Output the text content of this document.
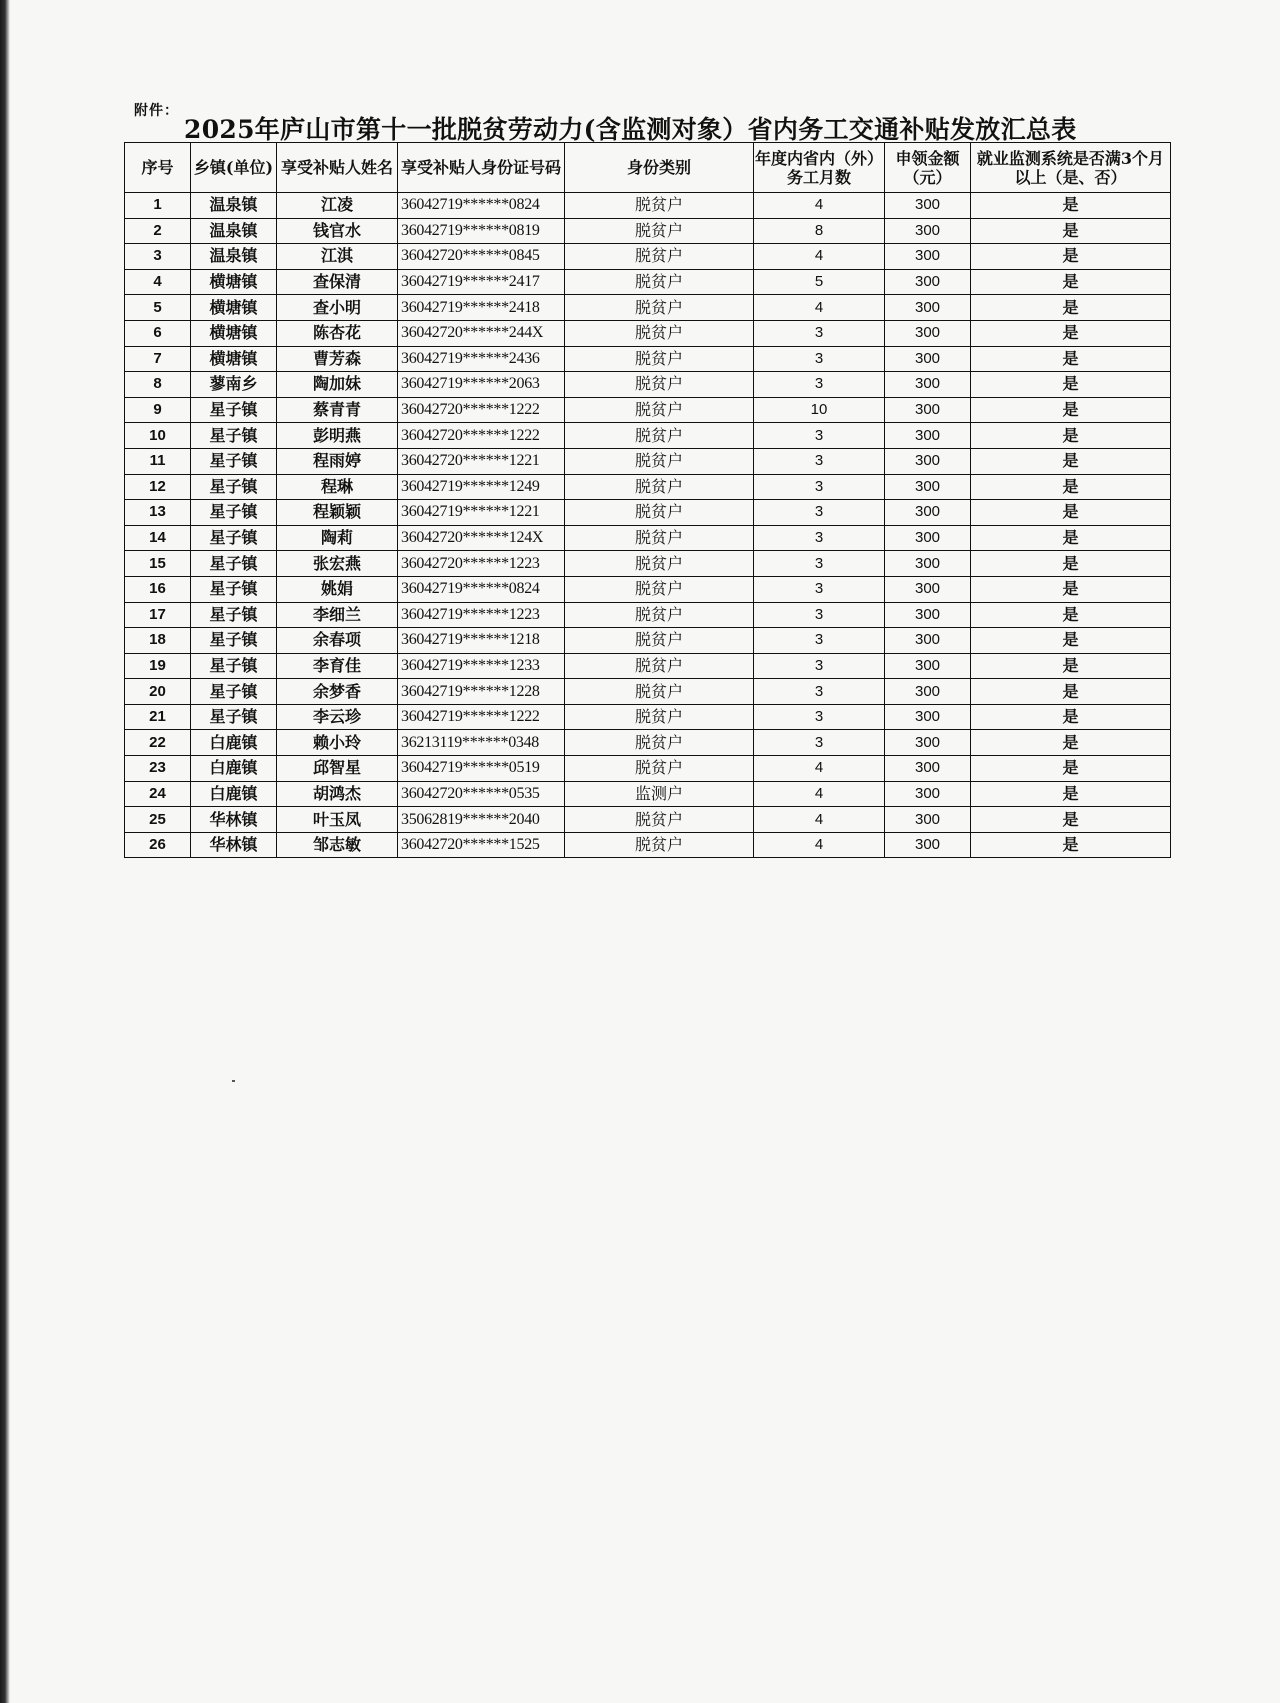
附件：
2025年庐山市第十一批脱贫劳动力(含监测对象）省内务工交通补贴发放汇总表
序号	乡镇(单位)	享受补贴人姓名	享受补贴人身份证号码	身份类别	年度内省内（外）务工月数	申领金额（元）	就业监测系统是否满3个月以上（是、否）
1	温泉镇	江凌	36042719******0824	脱贫户	4	300	是
2	温泉镇	钱官水	36042719******0819	脱贫户	8	300	是
3	温泉镇	江淇	36042720******0845	脱贫户	4	300	是
4	横塘镇	查保清	36042719******2417	脱贫户	5	300	是
5	横塘镇	查小明	36042719******2418	脱贫户	4	300	是
6	横塘镇	陈杏花	36042720******244X	脱贫户	3	300	是
7	横塘镇	曹芳森	36042719******2436	脱贫户	3	300	是
8	蓼南乡	陶加妹	36042719******2063	脱贫户	3	300	是
9	星子镇	蔡青青	36042720******1222	脱贫户	10	300	是
10	星子镇	彭明燕	36042720******1222	脱贫户	3	300	是
11	星子镇	程雨婷	36042720******1221	脱贫户	3	300	是
12	星子镇	程琳	36042719******1249	脱贫户	3	300	是
13	星子镇	程颖颖	36042719******1221	脱贫户	3	300	是
14	星子镇	陶莉	36042720******124X	脱贫户	3	300	是
15	星子镇	张宏燕	36042720******1223	脱贫户	3	300	是
16	星子镇	姚娟	36042719******0824	脱贫户	3	300	是
17	星子镇	李细兰	36042719******1223	脱贫户	3	300	是
18	星子镇	余春项	36042719******1218	脱贫户	3	300	是
19	星子镇	李育佳	36042719******1233	脱贫户	3	300	是
20	星子镇	余梦香	36042719******1228	脱贫户	3	300	是
21	星子镇	李云珍	36042719******1222	脱贫户	3	300	是
22	白鹿镇	赖小玲	36213119******0348	脱贫户	3	300	是
23	白鹿镇	邱智星	36042719******0519	脱贫户	4	300	是
24	白鹿镇	胡鸿杰	36042720******0535	监测户	4	300	是
25	华林镇	叶玉凤	35062819******2040	脱贫户	4	300	是
26	华林镇	邹志敏	36042720******1525	脱贫户	4	300	是
